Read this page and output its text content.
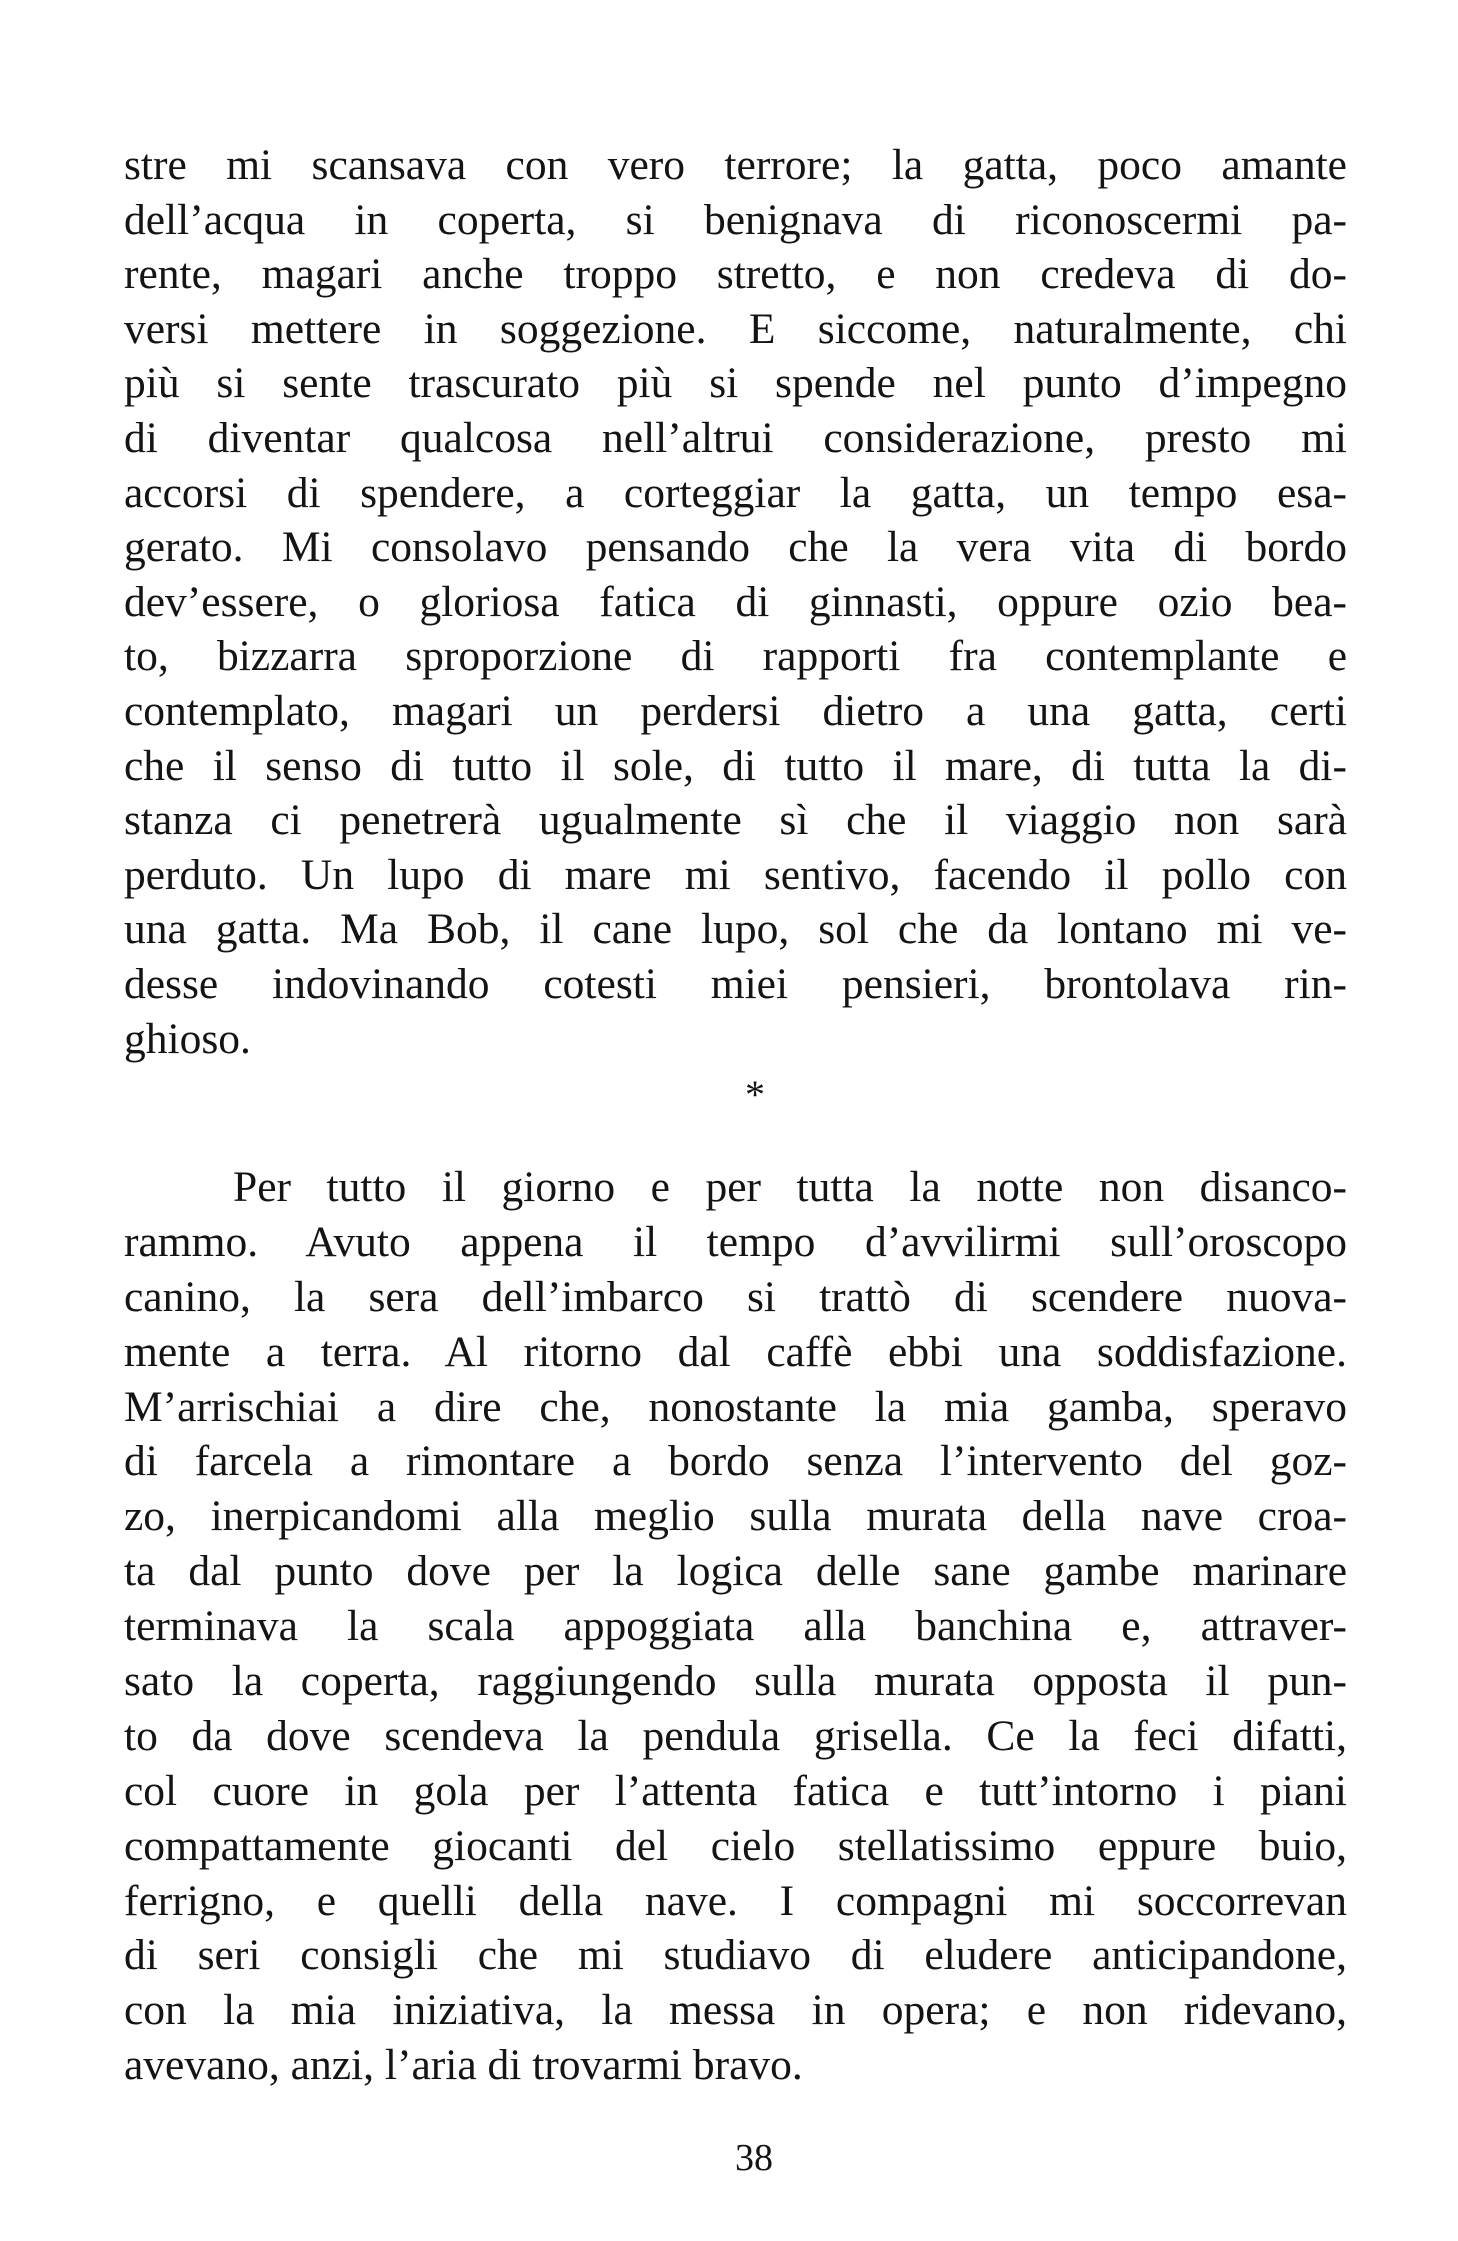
stre mi scansava con vero terrore; la gatta, poco amante
dell’acqua in coperta, si benignava di riconoscermi pa-
rente, magari anche troppo stretto, e non credeva di do-
versi mettere in soggezione. E siccome, naturalmente, chi
più si sente trascurato più si spende nel punto d’impegno
di diventar qualcosa nell’altrui considerazione, presto mi
accorsi di spendere, a corteggiar la gatta, un tempo esa-
gerato. Mi consolavo pensando che la vera vita di bordo
dev’essere, o gloriosa fatica di ginnasti, oppure ozio bea-
to, bizzarra sproporzione di rapporti fra contemplante e
contemplato, magari un perdersi dietro a una gatta, certi
che il senso di tutto il sole, di tutto il mare, di tutta la di-
stanza ci penetrerà ugualmente sì che il viaggio non sarà
perduto. Un lupo di mare mi sentivo, facendo il pollo con
una gatta. Ma Bob, il cane lupo, sol che da lontano mi ve-
desse indovinando cotesti miei pensieri, brontolava rin-
ghioso.
*
Per tutto il giorno e per tutta la notte non disanco-
rammo. Avuto appena il tempo d’avvilirmi sull’oroscopo
canino, la sera dell’imbarco si trattò di scendere nuova-
mente a terra. Al ritorno dal caffè ebbi una soddisfazione.
M’arrischiai a dire che, nonostante la mia gamba, speravo
di farcela a rimontare a bordo senza l’intervento del goz-
zo, inerpicandomi alla meglio sulla murata della nave croa-
ta dal punto dove per la logica delle sane gambe marinare
terminava la scala appoggiata alla banchina e, attraver-
sato la coperta, raggiungendo sulla murata opposta il pun-
to da dove scendeva la pendula grisella. Ce la feci difatti,
col cuore in gola per l’attenta fatica e tutt’intorno i piani
compattamente giocanti del cielo stellatissimo eppure buio,
ferrigno, e quelli della nave. I compagni mi soccorrevan
di seri consigli che mi studiavo di eludere anticipandone,
con la mia iniziativa, la messa in opera; e non ridevano,
avevano, anzi, l’aria di trovarmi bravo.
38
